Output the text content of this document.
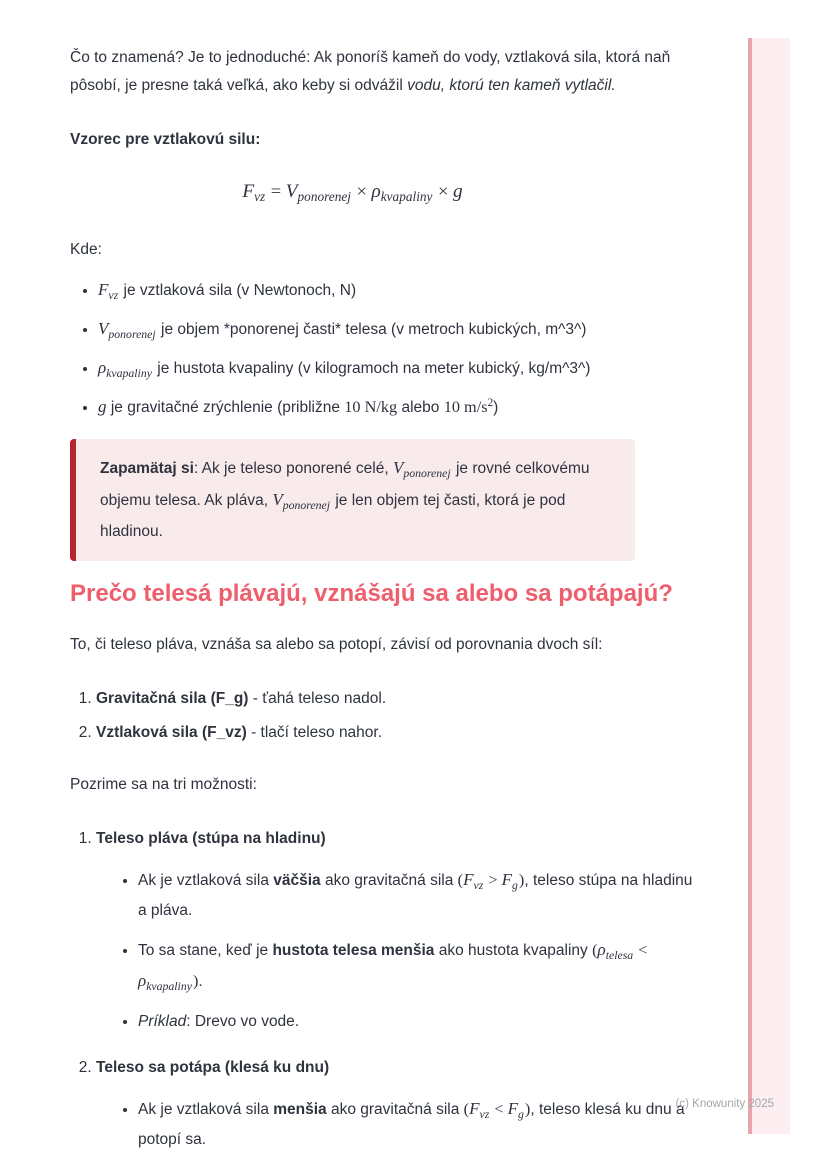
Čo to znamená? Je to jednoduché: Ak ponoríš kameň do vody, vztlaková sila, ktorá naň pôsobí, je presne taká veľká, ako keby si odvážil vodu, ktorú ten kameň vytlačil.

Vzorec pre vztlakovú silu:

$F_{vz} = V_{ponorenej} \times \rho_{kvapaliny} \times g$

Kde:

• $F_{vz}$ je vztlaková sila (v Newtonoch, N)
• $V_{ponorenej}$ je objem *ponorenej časti* telesa (v metroch kubických, m^3^)
• $\rho_{kvapaliny}$ je hustota kvapaliny (v kilogramoch na meter kubický, kg/m^3^)
• g je gravitačné zrýchlenie (približne 10 N/kg alebo 10 $m/s^2$)

Zapamätaj si: Ak je teleso ponorené celé, $V_{ponorenej}$ je rovné celkovému objemu telesa. Ak pláva, $V_{ponorenej}$ je len objem tej časti, ktorá je pod hladinou.

Prečo telesá plávajú, vznášajú sa alebo sa potápajú?

To, či teleso pláva, vznáša sa alebo sa potopí, závisí od porovnania dvoch síl:

1. Gravitačná sila (F_g) - ťahá teleso nadol.
2. Vztlaková sila (F_vz) - tlačí teleso nahor.

Pozrime sa na tri možnosti:

1. Teleso pláva (stúpa na hladinu)
• Ak je vztlaková sila väčšia ako gravitačná sila $(F_{vz} > F_g)$, teleso stúpa na hladinu a pláva.
• To sa stane, keď je hustota telesa menšia ako hustota kvapaliny $(\rho_{telesa} < \rho_{kvapaliny})$.
• Príklad: Drevo vo vode.
2. Teleso sa potápa (klesá ku dnu)
• Ak je vztlaková sila menšia ako gravitačná sila $(F_{vz} < F_g)$, teleso klesá ku dnu a potopí sa.
(c) Knowunity 2025
